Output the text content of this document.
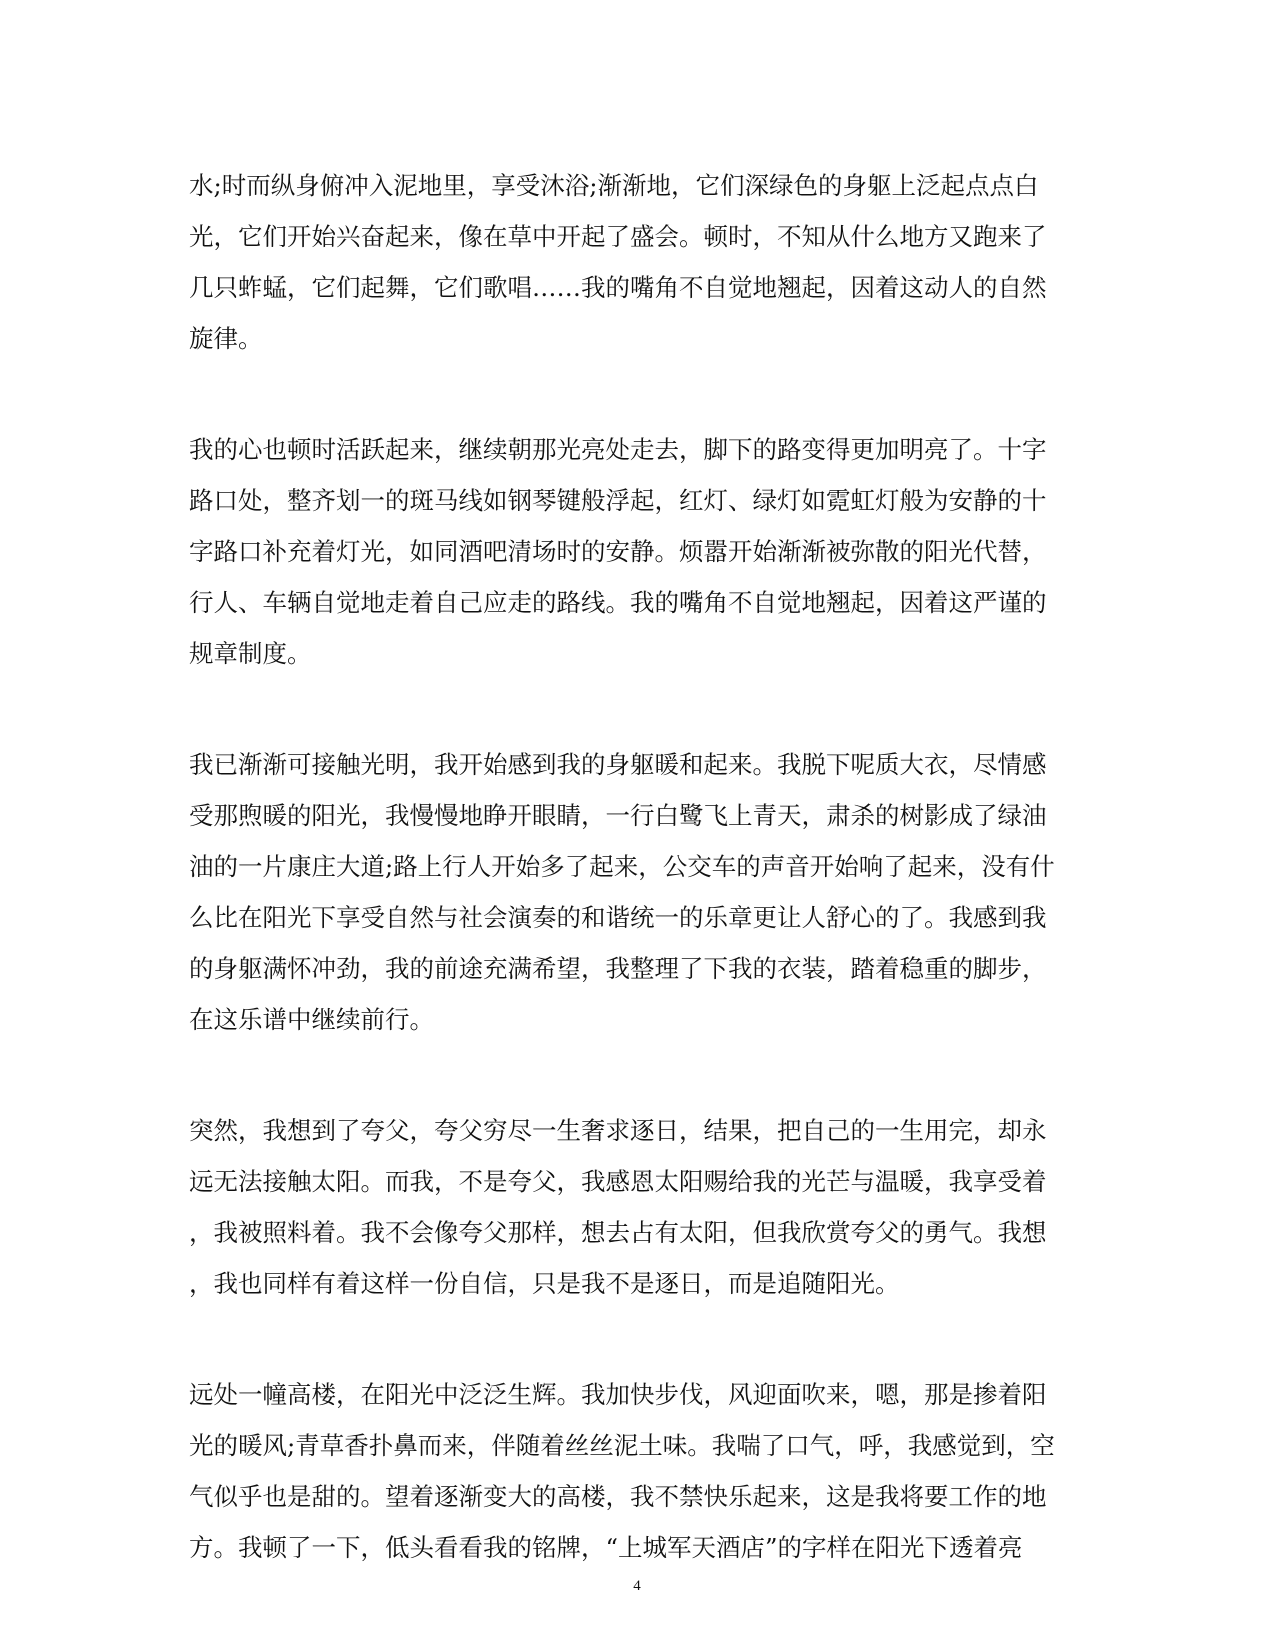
水;时而纵身俯冲入泥地里，享受沐浴;渐渐地，它们深绿色的身躯上泛起点点白
光，它们开始兴奋起来，像在草中开起了盛会。顿时，不知从什么地方又跑来了
几只蚱蜢，它们起舞，它们歌唱……我的嘴角不自觉地翘起，因着这动人的自然
旋律。
我的心也顿时活跃起来，继续朝那光亮处走去，脚下的路变得更加明亮了。十字
路口处，整齐划一的斑马线如钢琴键般浮起，红灯、绿灯如霓虹灯般为安静的十
字路口补充着灯光，如同酒吧清场时的安静。烦嚣开始渐渐被弥散的阳光代替，
行人、车辆自觉地走着自己应走的路线。我的嘴角不自觉地翘起，因着这严谨的
规章制度。
我已渐渐可接触光明，我开始感到我的身躯暖和起来。我脱下呢质大衣，尽情感
受那煦暖的阳光，我慢慢地睁开眼睛，一行白鹭飞上青天，肃杀的树影成了绿油
油的一片康庄大道;路上行人开始多了起来，公交车的声音开始响了起来，没有什
么比在阳光下享受自然与社会演奏的和谐统一的乐章更让人舒心的了。我感到我
的身躯满怀冲劲，我的前途充满希望，我整理了下我的衣装，踏着稳重的脚步，
在这乐谱中继续前行。
突然，我想到了夸父，夸父穷尽一生奢求逐日，结果，把自己的一生用完，却永
远无法接触太阳。而我，不是夸父，我感恩太阳赐给我的光芒与温暖，我享受着
，我被照料着。我不会像夸父那样，想去占有太阳，但我欣赏夸父的勇气。我想
，我也同样有着这样一份自信，只是我不是逐日，而是追随阳光。
远处一幢高楼，在阳光中泛泛生辉。我加快步伐，风迎面吹来，嗯，那是掺着阳
光的暖风;青草香扑鼻而来，伴随着丝丝泥土味。我喘了口气，呼，我感觉到，空
气似乎也是甜的。望着逐渐变大的高楼，我不禁快乐起来，这是我将要工作的地
方。我顿了一下，低头看看我的铭牌，“上城军天酒店”的字样在阳光下透着亮
4
